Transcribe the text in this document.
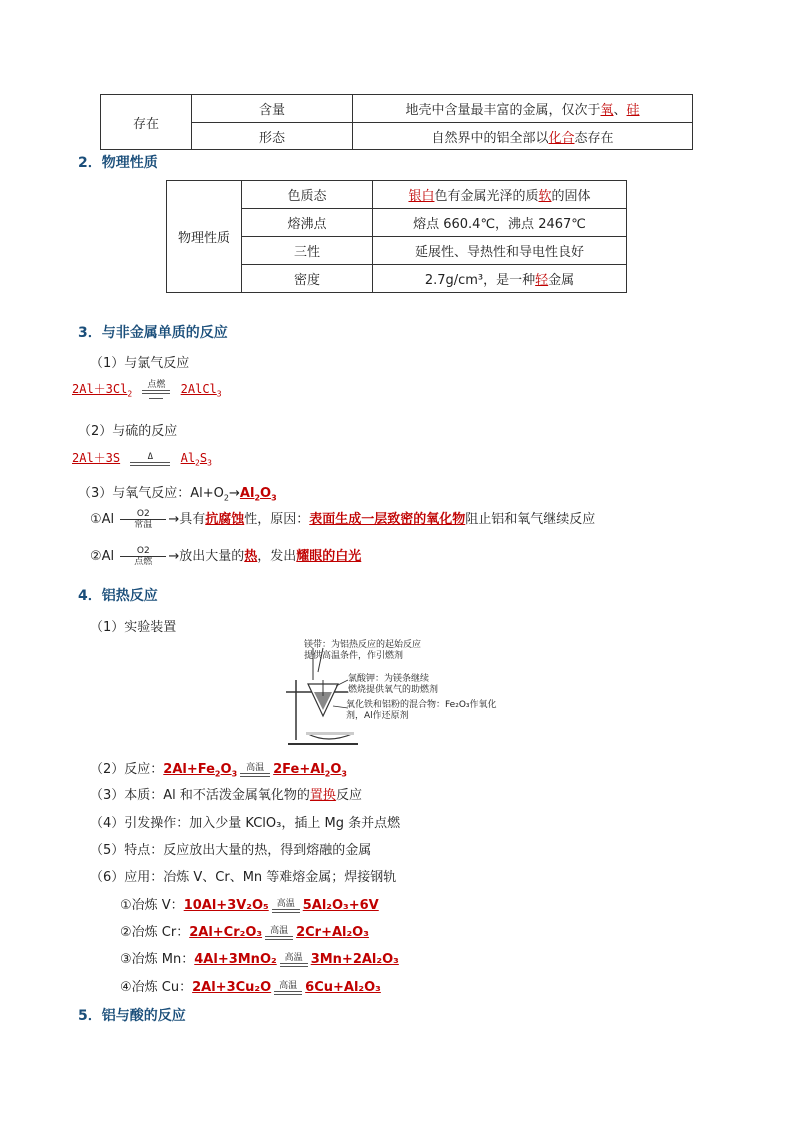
存在	含量	地壳中含量最丰富的金属，仅次于氧、硅
	形态	自然界中的铝全部以化合态存在
2．物理性质
物理性质	色质态	银白色有金属光泽的质软的固体
	熔沸点	熔点 660.4℃，沸点 2467℃
	三性	延展性、导热性和导电性良好
	密度	2.7g/cm³，是一种轻金属
3．与非金属单质的反应
（1）与氯气反应
$2Al+3Cl_2$
点燃	2AlCl$_3$
（2）与硫的反应
2Al＋3S	Δ	$Al_2S_3$
（3）与氧气反应：$Al+O_2\to Al_2O_3$
①Al	O2
常温 →具有抗腐蚀性，原因：表面生成一层致密的氧化物阻止铝和氧气继续反应
②Al	O2
点燃 →放出大量的热，发出耀眼的白光
4．铝热反应
（1）实验装置
镁带：为铝热反应的起始反应
提供高温条件，作引燃剂
氯酸钾：为镁条继续
燃烧提供氧气的助燃剂
氧化铁和铝粉的混合物：Fe₂O₃作氧化
剂，Al作还原剂
（2）反应：$2Al+Fe_2O_3$
高温 $2Fe+Al_2O_3$
（3）本质：Al 和不活泼金属氧化物的置换反应
（4）引发操作：加入少量 KClO₃，插上 Mg 条并点燃
（5）特点：反应放出大量的热，得到熔融的金属
（6）应用：冶炼 V、Cr、Mn 等难熔金属；焊接钢轨
①冶炼 V：10Al+3V₂O₅ 高温 5Al₂O₃+6V
②冶炼 Cr：2Al+Cr₂O₃ 高温 2Cr+Al₂O₃
③冶炼 Mn：4Al+3MnO₂ 高温 3Mn+2Al₂O₃
④冶炼 Cu：2Al+3Cu₂O 高温 6Cu+Al₂O₃
5．铝与酸的反应
